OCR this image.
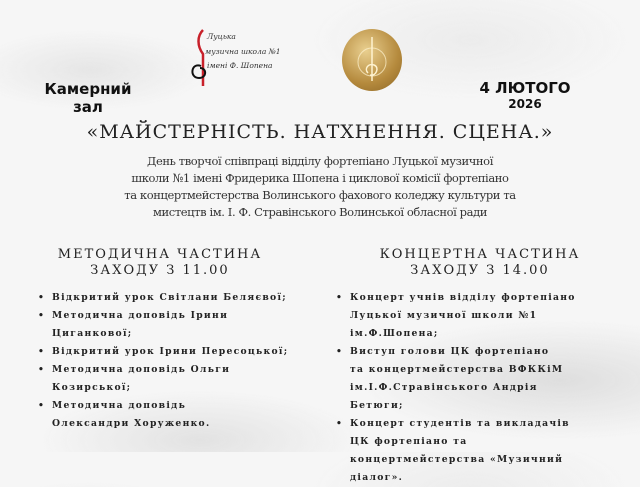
Камерний
зал
Луцька
музична школа №1
імені Ф. Шопена
4 ЛЮТОГО
2026
«МАЙСТЕРНІСТЬ. НАТХНЕННЯ. СЦЕНА.»
День творчої співпраці відділу фортепіано Луцької музичної
школи №1 імені Фридерика Шопена і циклової комісії фортепіано
та концертмейстерства Волинського фахового коледжу культури та
мистецтв ім. І. Ф. Стравінського Волинської обласної ради
МЕТОДИЧНА ЧАСТИНА
ЗАХОДУ З 11.00
• Відкритий урок Світлани Беляєвої;
• Методична доповідь Ірини Циганкової;
• Відкритий урок Ірини Пересоцької;
• Методична доповідь Ольги Козирської;
• Методична доповідь Олександри Хоруженко.
КОНЦЕРТНА ЧАСТИНА
ЗАХОДУ З 14.00
• Концерт учнів відділу фортепіано Луцької музичної школи №1 ім.Ф.Шопена;
• Виступ голови ЦК фортепіано та концертмейстерства ВФККіМ ім.І.Ф.Стравінського Андрія Бетюги;
• Концерт студентів та викладачів ЦК фортепіано та концертмейстерства «Музичний діалог».
